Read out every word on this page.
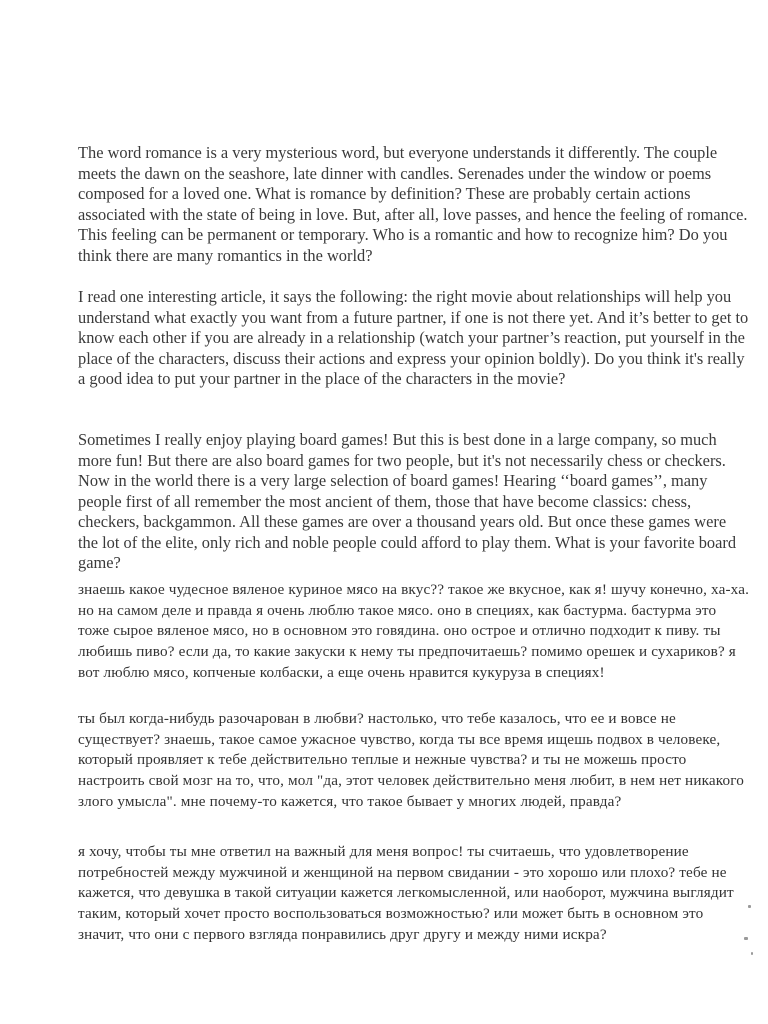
The word romance is a very mysterious word, but everyone understands it differently. The couple meets the dawn on the seashore, late dinner with candles. Serenades under the window or poems composed for a loved one. What is romance by definition? These are probably certain actions associated with the state of being in love. But, after all, love passes, and hence the feeling of romance. This feeling can be permanent or temporary. Who is a romantic and how to recognize him? Do you think there are many romantics in the world?

I read one interesting article, it says the following: the right movie about relationships will help you understand what exactly you want from a future partner, if one is not there yet. And it’s better to get to know each other if you are already in a relationship (watch your partner’s reaction, put yourself in the place of the characters, discuss their actions and express your opinion boldly). Do you think it's really a good idea to put your partner in the place of the characters in the movie?

Sometimes I really enjoy playing board games! But this is best done in a large company, so much more fun! But there are also board games for two people, but it's not necessarily chess or checkers. Now in the world there is a very large selection of board games! Hearing ‘‘board games’’, many people first of all remember the most ancient of them, those that have become classics: chess, checkers, backgammon. All these games are over a thousand years old. But once these games were the lot of the elite, only rich and noble people could afford to play them. What is your favorite board game?

знаешь какое чудесное вяленое куриное мясо на вкус?? такое же вкусное, как я! шучу конечно, ха-ха. но на самом деле и правда я очень люблю такое мясо. оно в специях, как бастурма. бастурма это тоже сырое вяленое мясо, но в основном это говядина. оно острое и отлично подходит к пиву. ты любишь пиво? если да, то какие закуски к нему ты предпочитаешь? помимо орешек и сухариков? я вот люблю мясо, копченые колбаски, а еще очень нравится кукуруза в специях!

ты был когда-нибудь разочарован в любви? настолько, что тебе казалось, что ее и вовсе не существует? знаешь, такое самое ужасное чувство, когда ты все время ищешь подвох в человеке, который проявляет к тебе действительно теплые и нежные чувства? и ты не можешь просто настроить свой мозг на то, что, мол "да, этот человек действительно меня любит, в нем нет никакого злого умысла". мне почему-то кажется, что такое бывает у многих людей, правда?

я хочу, чтобы ты мне ответил на важный для меня вопрос! ты считаешь, что удовлетворение потребностей между мужчиной и женщиной на первом свидании - это хорошо или плохо? тебе не кажется, что девушка в такой ситуации кажется легкомысленной, или наоборот, мужчина выглядит таким, который хочет просто воспользоваться возможностью? или может быть в основном это значит, что они с первого взгляда понравились друг другу и между ними искра?
